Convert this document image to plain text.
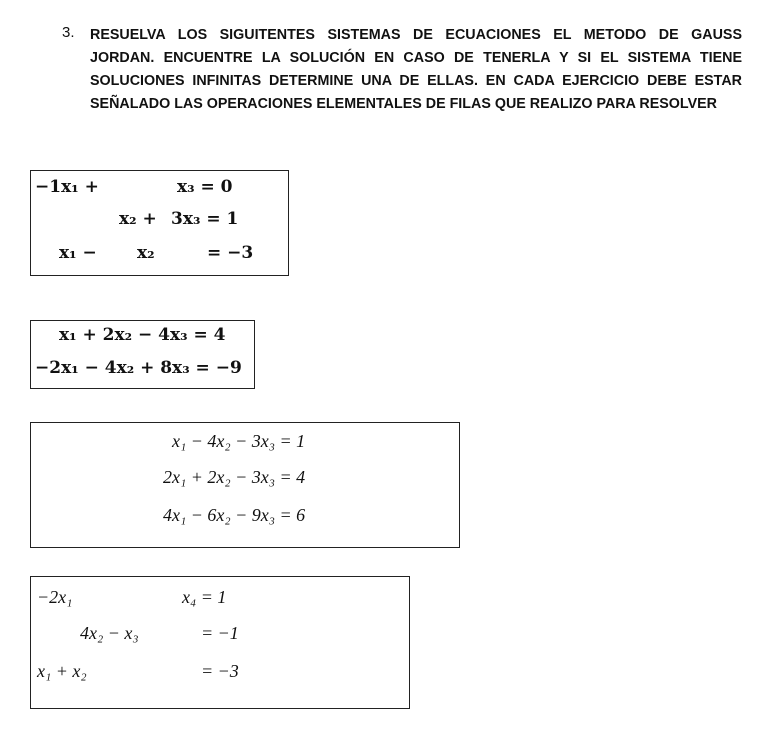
3. RESUELVA LOS SIGUITENTES SISTEMAS DE ECUACIONES EL METODO DE GAUSS
JORDAN. ENCUENTRE LA SOLUCIÓN EN CASO DE TENERLA Y SI EL SISTEMA TIENE
SOLUCIONES INFINITAS DETERMINE UNA DE ELLAS. EN CADA EJERCICIO DEBE ESTAR
SEÑALADO LAS OPERACIONES ELEMENTALES DE FILAS QUE REALIZO PARA RESOLVER
−1x₁ +	x₃ = 0
x₂ + 3x₃ = 1
x₁ − x₂	= −3
x₁ + 2x₂ − 4x₃ = 4
−2x₁ − 4x₂ + 8x₃ = −9
x₁ − 4x₂ − 3x₃ = 1
2x₁ + 2x₂ − 3x₃ = 4
4x₁ − 6x₂ − 9x₃ = 6
−2x₁	x₄ = 1
4x₂ − x₃	= −1
x₁ + x₂	= −3
